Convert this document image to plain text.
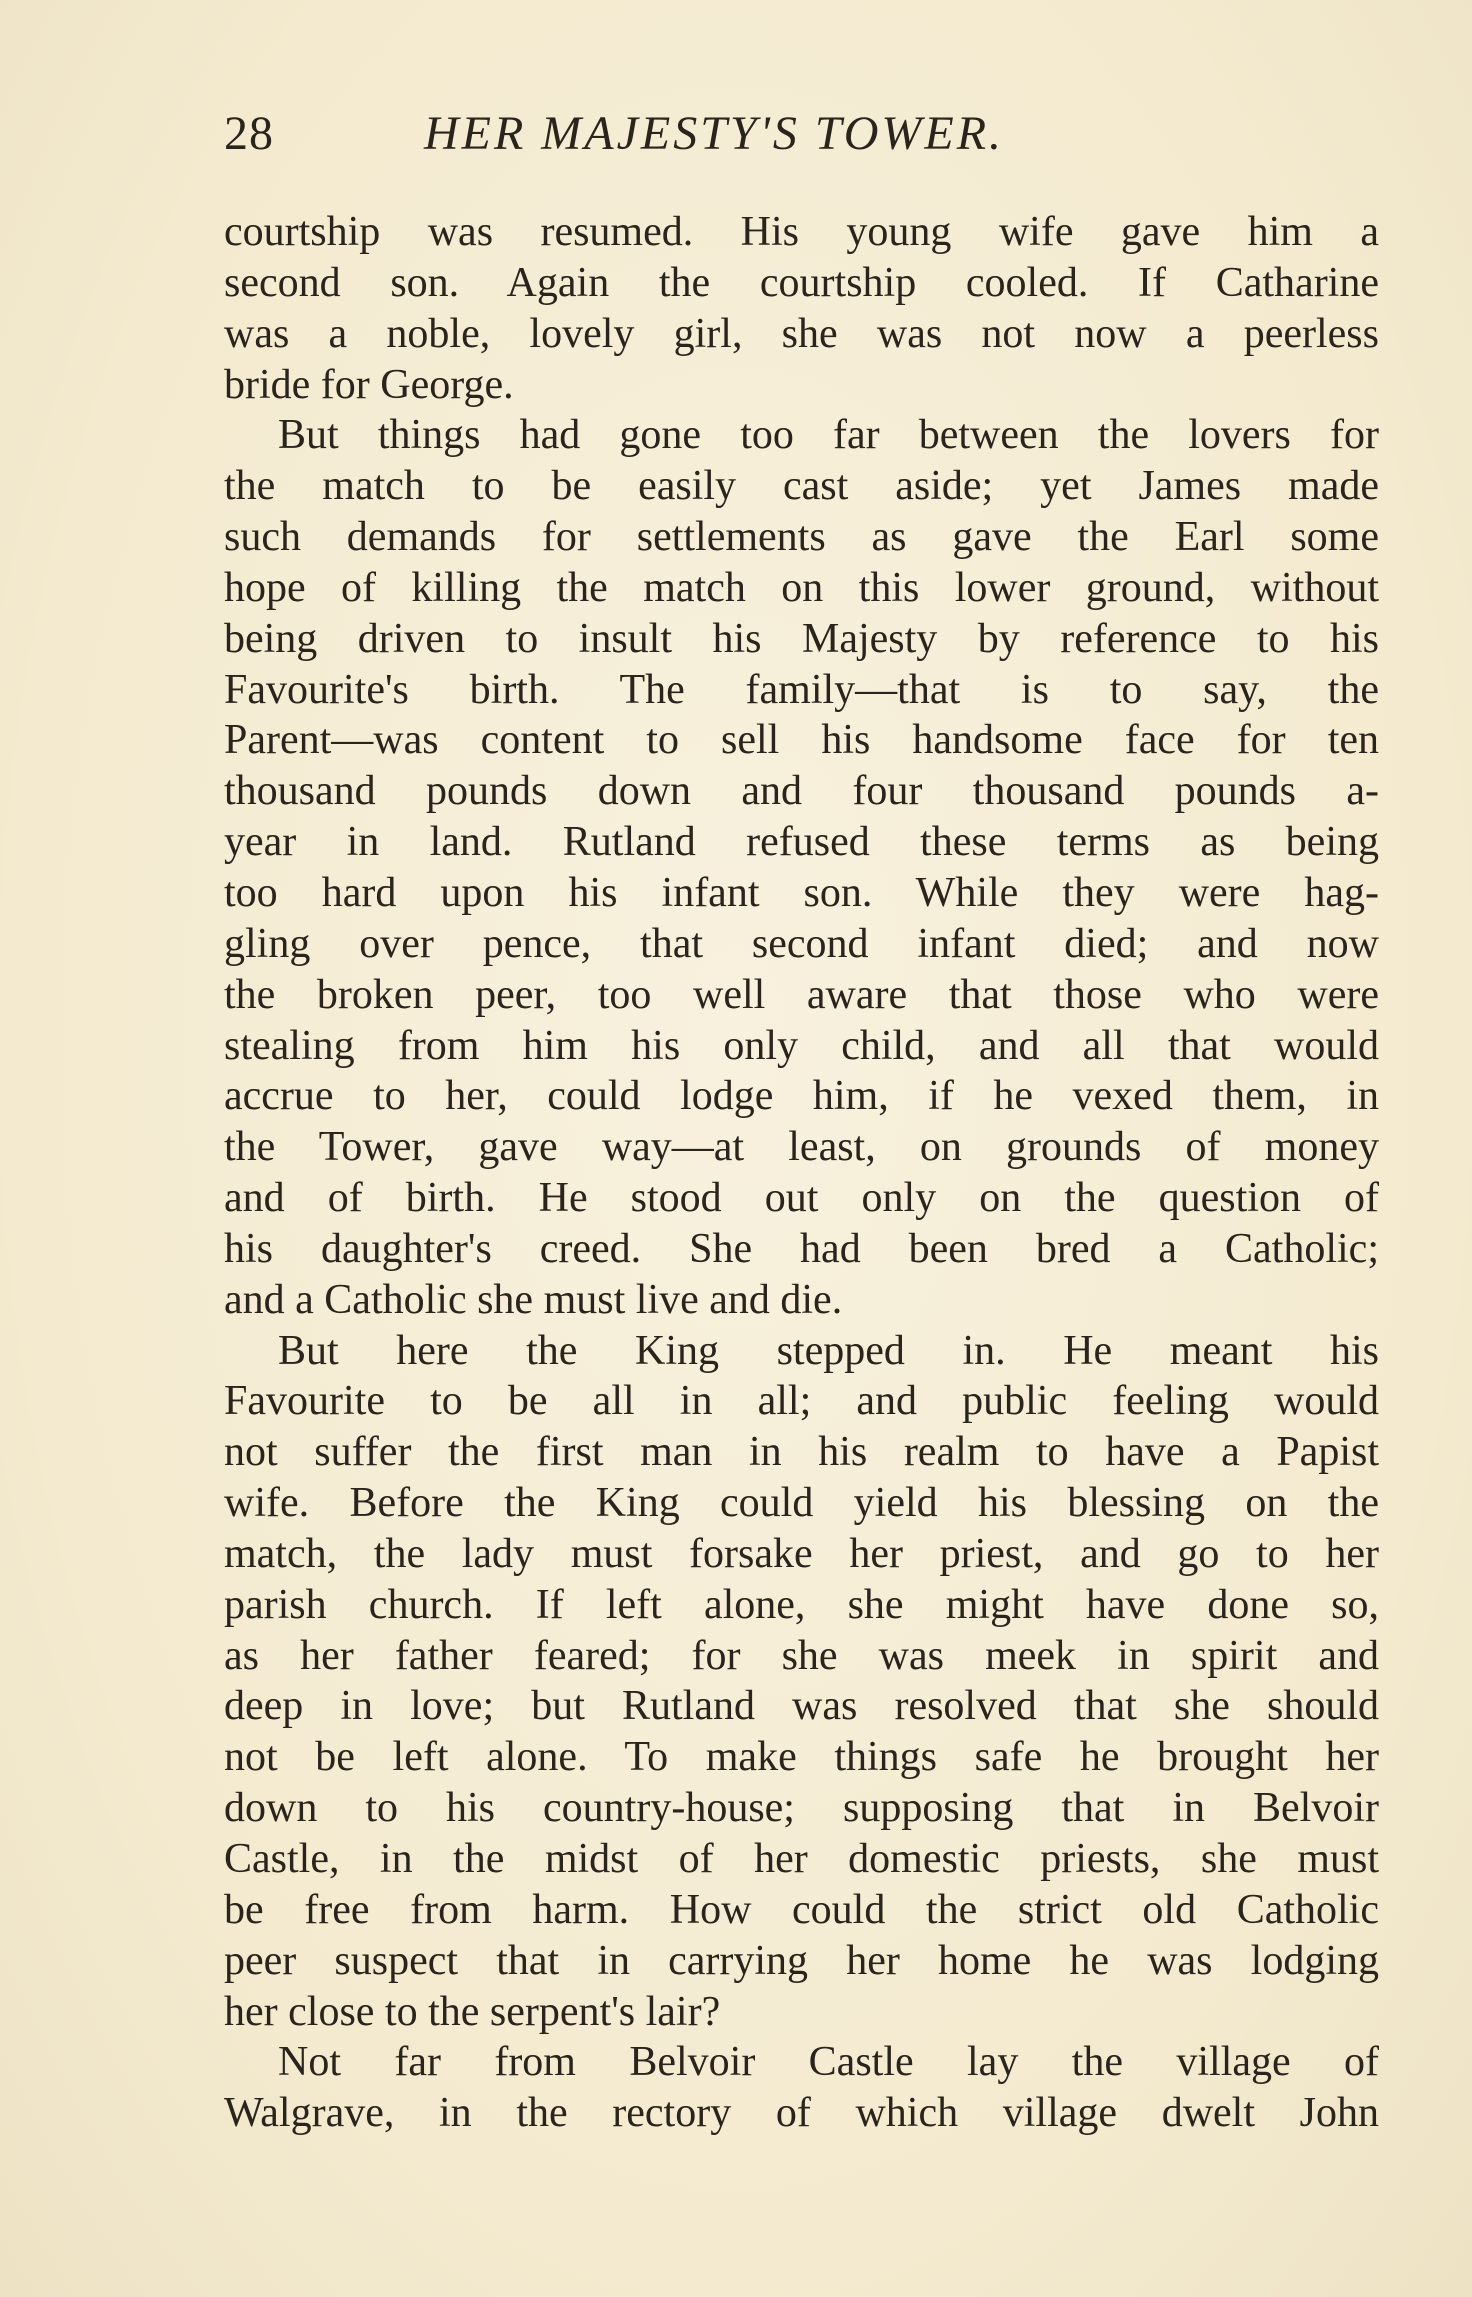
28	HER MAJESTY'S TOWER.
courtship was resumed. His young wife gave him a
second son. Again the courtship cooled. If Catharine
was a noble, lovely girl, she was not now a peerless
bride for George.
But things had gone too far between the lovers for
the match to be easily cast aside; yet James made
such demands for settlements as gave the Earl some
hope of killing the match on this lower ground, without
being driven to insult his Majesty by reference to his
Favourite's birth. The family—that is to say, the
Parent—was content to sell his handsome face for ten
thousand pounds down and four thousand pounds a-
year in land. Rutland refused these terms as being
too hard upon his infant son. While they were hag-
gling over pence, that second infant died; and now
the broken peer, too well aware that those who were
stealing from him his only child, and all that would
accrue to her, could lodge him, if he vexed them, in
the Tower, gave way—at least, on grounds of money
and of birth. He stood out only on the question of
his daughter's creed. She had been bred a Catholic;
and a Catholic she must live and die.
But here the King stepped in. He meant his
Favourite to be all in all; and public feeling would
not suffer the first man in his realm to have a Papist
wife. Before the King could yield his blessing on the
match, the lady must forsake her priest, and go to her
parish church. If left alone, she might have done so,
as her father feared; for she was meek in spirit and
deep in love; but Rutland was resolved that she should
not be left alone. To make things safe he brought her
down to his country-house; supposing that in Belvoir
Castle, in the midst of her domestic priests, she must
be free from harm. How could the strict old Catholic
peer suspect that in carrying her home he was lodging
her close to the serpent's lair?
Not far from Belvoir Castle lay the village of
Walgrave, in the rectory of which village dwelt John
